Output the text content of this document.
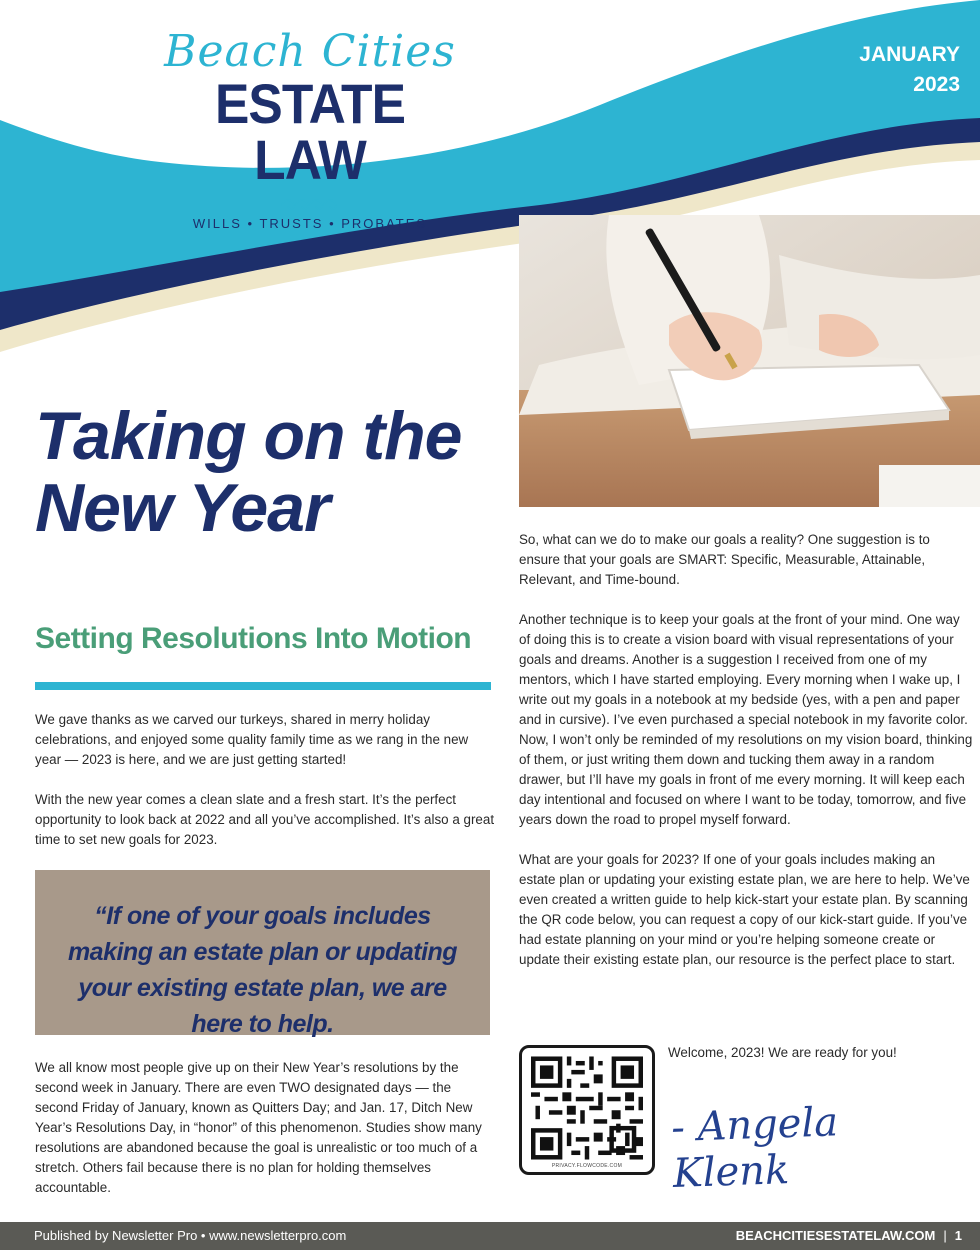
Beach Cities
ESTATE LAW
WILLS • TRUSTS • PROBATES
JANUARY
2023
Taking on the
New Year
Setting Resolutions Into Motion

We gave thanks as we carved our turkeys, shared in merry holiday celebrations, and enjoyed some quality family time as we rang in the new year — 2023 is here, and we are just getting started!

With the new year comes a clean slate and a fresh start. It’s the perfect opportunity to look back at 2022 and all you’ve accomplished. It’s also a great time to set new goals for 2023.

“If one of your goals includes making an estate plan or updating your existing estate plan, we are here to help.

We all know most people give up on their New Year’s resolutions by the second week in January. There are even TWO designated days — the second Friday of January, known as Quitters Day; and Jan. 17, Ditch New Year’s Resolutions Day, in “honor” of this phenomenon. Studies show many resolutions are abandoned because the goal is unrealistic or too much of a stretch. Others fail because there is no plan for holding themselves accountable.

So, what can we do to make our goals a reality? One suggestion is to ensure that your goals are SMART: Specific, Measurable, Attainable, Relevant, and Time-bound.

Another technique is to keep your goals at the front of your mind. One way of doing this is to create a vision board with visual representations of your goals and dreams. Another is a suggestion I received from one of my mentors, which I have started employing. Every morning when I wake up, I write out my goals in a notebook at my bedside (yes, with a pen and paper and in cursive). I’ve even purchased a special notebook in my favorite color. Now, I won’t only be reminded of my resolutions on my vision board, thinking of them, or just writing them down and tucking them away in a random drawer, but I’ll have my goals in front of me every morning. It will keep each day intentional and focused on where I want to be today, tomorrow, and five years down the road to propel myself forward.

What are your goals for 2023? If one of your goals includes making an estate plan or updating your existing estate plan, we are here to help. We’ve even created a written guide to help kick-start your estate plan. By scanning the QR code below, you can request a copy of our kick-start guide. If you’ve had estate planning on your mind or you’re helping someone create or update their existing estate plan, our resource is the perfect place to start.

PRIVACY.FLOWCODE.COM
Welcome, 2023! We are ready for you!
- Angela Klenk
Published by Newsletter Pro • www.newsletterpro.com	BEACHCITIESESTATELAW.COM | 1
